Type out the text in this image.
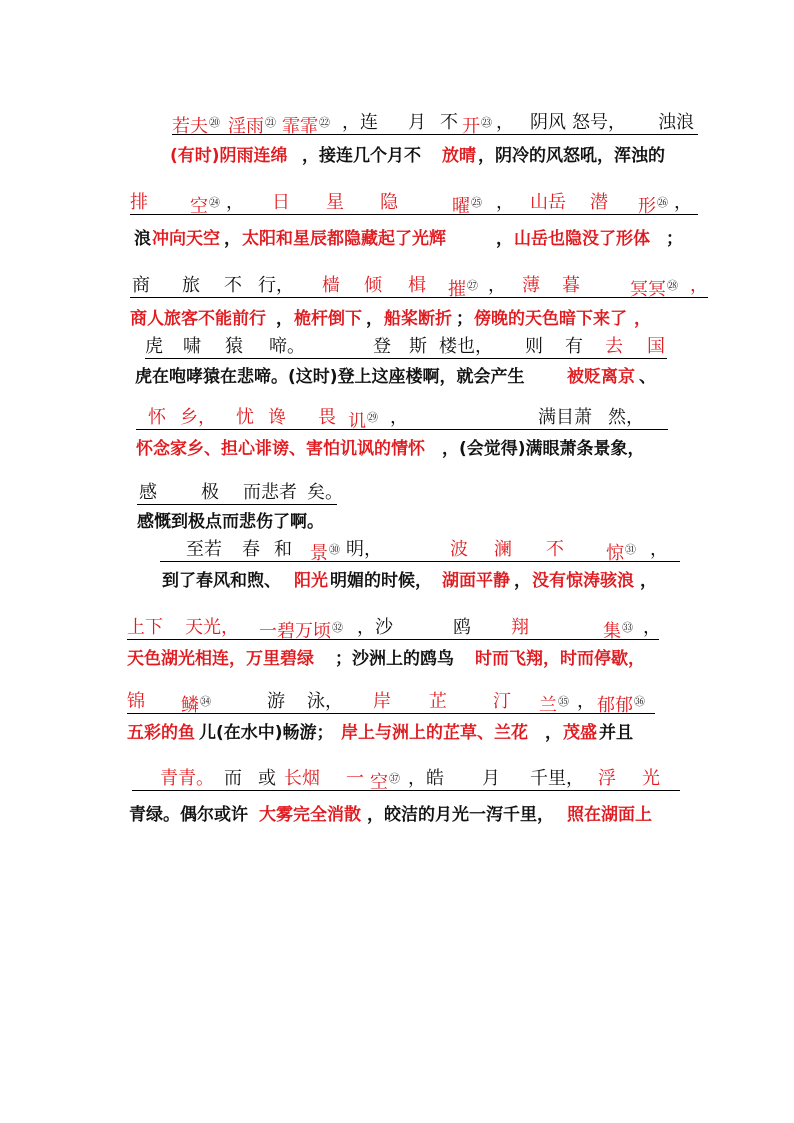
若夫⑳ 淫雨$^㉑$ 霏霏$^㉒$ ，连 月 不 开$^㉓$ ， 阴风 怒号， 浊浪
(有时)阴雨连绵 ，接连几个月不 放晴 ，阴冷的风怒吼，浑浊的
排 空$^㉔$ ， 日 星 隐	曜$^㉕$ ， 山岳 潜 形$^㉖$ ，
浪 冲向天空 ， 太阳和星辰都隐藏起了光辉	， 山岳也隐没了形体 ；
商 旅 不 行， 樯 倾 楫 摧$^㉗$ ， 薄 暮	冥冥$^㉘$ ，
商人旅客不能前行 ， 桅杆倒下 ， 船桨断折 ； 傍晚的天色暗下来了 ，
虎 啸 猿 啼。	登 斯 楼也， 则 有 去 国
虎在咆哮猿在悲啼。(这时)登上这座楼啊，就会产生 被贬离京 、
怀 乡， 忧 谗 畏 讥$^㉙$ ，	满目萧 然，
怀念家乡、担心诽谤、害怕讥讽的情怀 ，(会觉得)满眼萧条景象，
感 极 而悲者 矣。
感慨到极点而悲伤了啊。
至若 春 和 景$^㉚$ 明，	波 澜 不 惊$^㉛$ ，
到了春风和煦、 阳光 明媚的时候， 湖面平静 ， 没有惊涛骇浪 ，
上下 天光， 一碧万顷$^㉜$ ，沙	鸥 翔	集$^㉝$ ，
天色湖光相连，万里碧绿 ；沙洲上的鸥鸟 时而飞翔，时而停歇，
锦 鳞$^㉞$	游 泳， 岸 芷	汀 兰$^㉟$ ， 郁郁$^㊱$
五彩的鱼 儿(在水中)畅游； 岸上与洲上的芷草、兰花 ， 茂盛 并且
青青。 而 或 长烟 一 空$^㊲$ ，皓 月 千里， 浮 光
青绿。偶尔或许 大雾完全消散 ，皎洁的月光一泻千里， 照在湖面上
